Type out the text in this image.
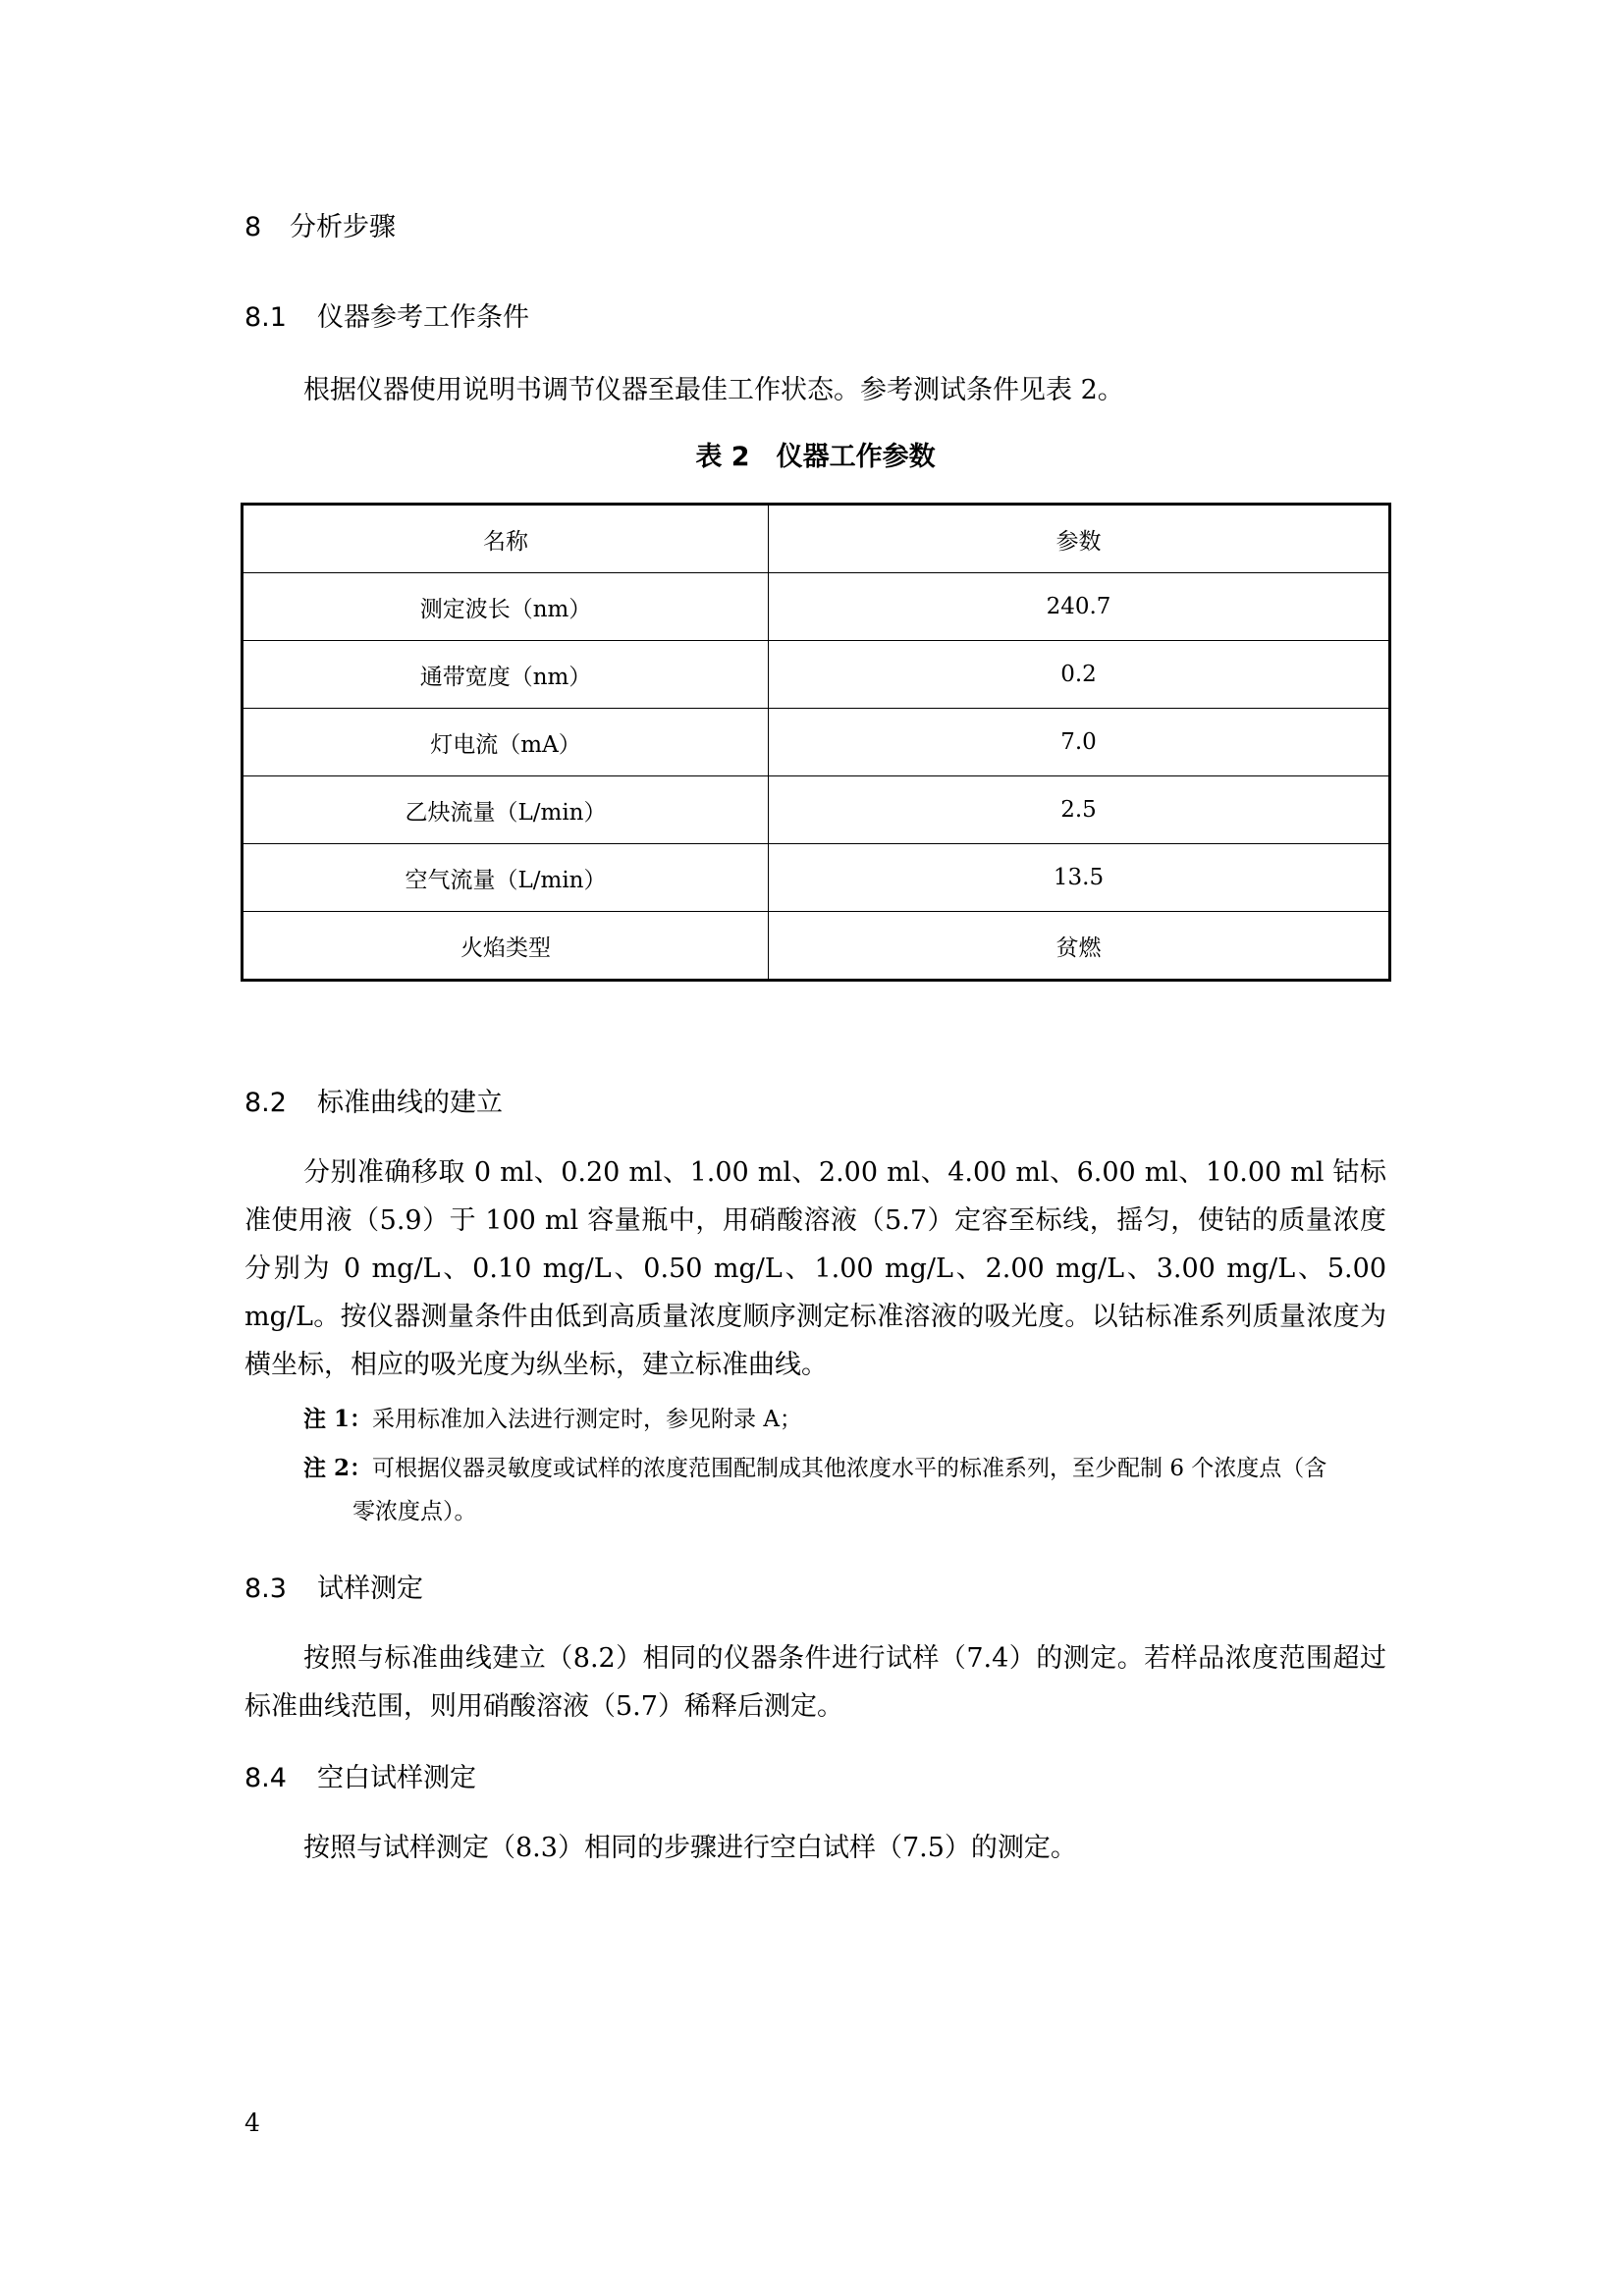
8 分析步骤
8.1 仪器参考工作条件
根据仪器使用说明书调节仪器至最佳工作状态。参考测试条件见表 2。
表 2　仪器工作参数
名称	参数
测定波长（nm）	240.7
通带宽度（nm）	0.2
灯电流（mA）	7.0
乙炔流量（L/min）	2.5
空气流量（L/min）	13.5
火焰类型	贫燃
8.2 标准曲线的建立
分别准确移取 0 ml、0.20 ml、1.00 ml、2.00 ml、4.00 ml、6.00 ml、10.00 ml 钴标准使用液（5.9）于 100 ml 容量瓶中，用硝酸溶液（5.7）定容至标线，摇匀，使钴的质量浓度分别为 0 mg/L、0.10 mg/L、0.50 mg/L、1.00 mg/L、2.00 mg/L、3.00 mg/L、5.00 mg/L。按仪器测量条件由低到高质量浓度顺序测定标准溶液的吸光度。以钴标准系列质量浓度为横坐标，相应的吸光度为纵坐标，建立标准曲线。
注 1：采用标准加入法进行测定时，参见附录 A；
注 2：可根据仪器灵敏度或试样的浓度范围配制成其他浓度水平的标准系列，至少配制 6 个浓度点（含
零浓度点）。
8.3 试样测定
按照与标准曲线建立（8.2）相同的仪器条件进行试样（7.4）的测定。若样品浓度范围超过标准曲线范围，则用硝酸溶液（5.7）稀释后测定。
8.4 空白试样测定
按照与试样测定（8.3）相同的步骤进行空白试样（7.5）的测定。
4
